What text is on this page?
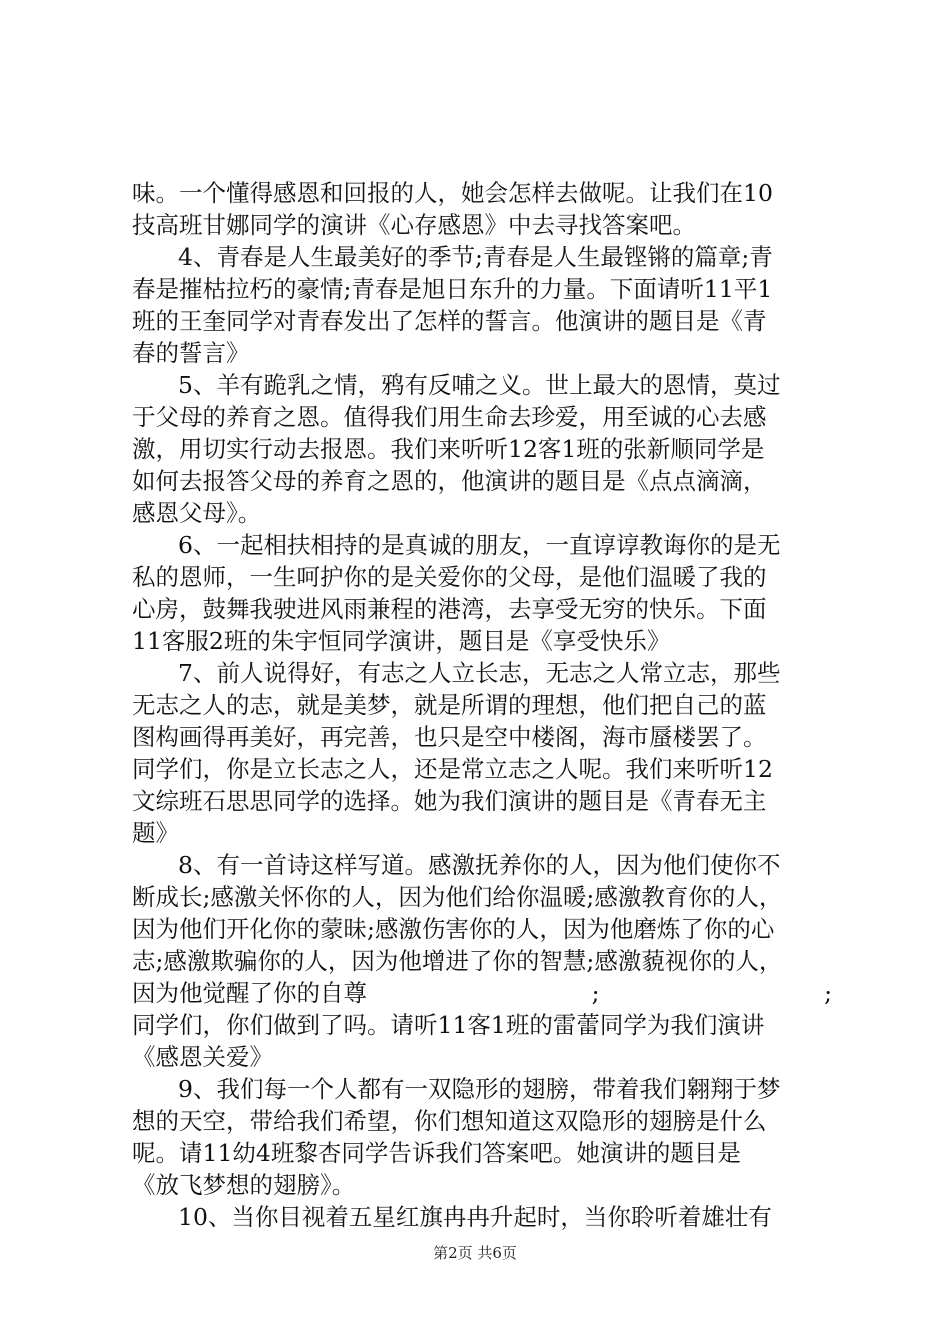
味。一个懂得感恩和回报的人，她会怎样去做呢。让我们在10
技高班甘娜同学的演讲《心存感恩》中去寻找答案吧。
4、青春是人生最美好的季节;青春是人生最铿锵的篇章;青
春是摧枯拉朽的豪情;青春是旭日东升的力量。下面请听11平1
班的王奎同学对青春发出了怎样的誓言。他演讲的题目是《青
春的誓言》
5、羊有跪乳之情，鸦有反哺之义。世上最大的恩情，莫过
于父母的养育之恩。值得我们用生命去珍爱，用至诚的心去感
激，用切实行动去报恩。我们来听听12客1班的张新顺同学是
如何去报答父母的养育之恩的，他演讲的题目是《点点滴滴，
感恩父母》。
6、一起相扶相持的是真诚的朋友，一直谆谆教诲你的是无
私的恩师，一生呵护你的是关爱你的父母，是他们温暖了我的
心房，鼓舞我驶进风雨兼程的港湾，去享受无穷的快乐。下面
11客服2班的朱宇恒同学演讲，题目是《享受快乐》
7、前人说得好，有志之人立长志，无志之人常立志，那些
无志之人的志，就是美梦，就是所谓的理想，他们把自己的蓝
图构画得再美好，再完善，也只是空中楼阁，海市蜃楼罢了。
同学们，你是立长志之人，还是常立志之人呢。我们来听听12
文综班石思思同学的选择。她为我们演讲的题目是《青春无主
题》
8、有一首诗这样写道。感激抚养你的人，因为他们使你不
断成长;感激关怀你的人，因为他们给你温暖;感激教育你的人，
因为他们开化你的蒙昧;感激伤害你的人，因为他磨炼了你的心
志;感激欺骗你的人，因为他增进了你的智慧;感激藐视你的人，
因为他觉醒了你的自尊	;	;
同学们，你们做到了吗。请听11客1班的雷蕾同学为我们演讲
《感恩关爱》
9、我们每一个人都有一双隐形的翅膀，带着我们翱翔于梦
想的天空，带给我们希望，你们想知道这双隐形的翅膀是什么
呢。请11幼4班黎杏同学告诉我们答案吧。她演讲的题目是
《放飞梦想的翅膀》。
10、当你目视着五星红旗冉冉升起时，当你聆听着雄壮有
第2页 共6页
